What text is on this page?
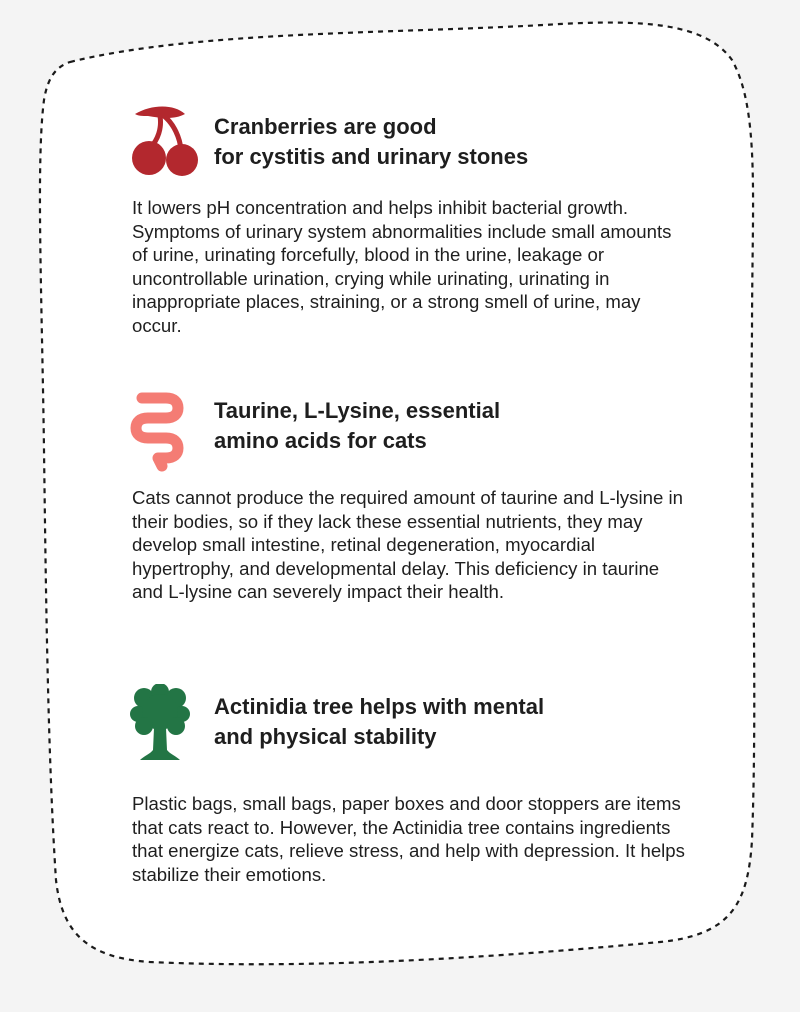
Cranberries are good
for cystitis and urinary stones

It lowers pH concentration and helps inhibit bacterial growth. Symptoms of urinary system abnormalities include small amounts of urine, urinating forcefully, blood in the urine, leakage or uncontrollable urination, crying while urinating, urinating in inappropriate places, straining, or a strong smell of urine, may occur.

Taurine, L-Lysine, essential
amino acids for cats

Cats cannot produce the required amount of taurine and L-lysine in their bodies, so if they lack these essential nutrients, they may develop small intestine, retinal degeneration, myocardial hypertrophy, and developmental delay. This deficiency in taurine and L-lysine can severely impact their health.

Actinidia tree helps with mental
and physical stability

Plastic bags, small bags, paper boxes and door stoppers are items that cats react to. However, the Actinidia tree contains ingredients that energize cats, relieve stress, and help with depression. It helps stabilize their emotions.
